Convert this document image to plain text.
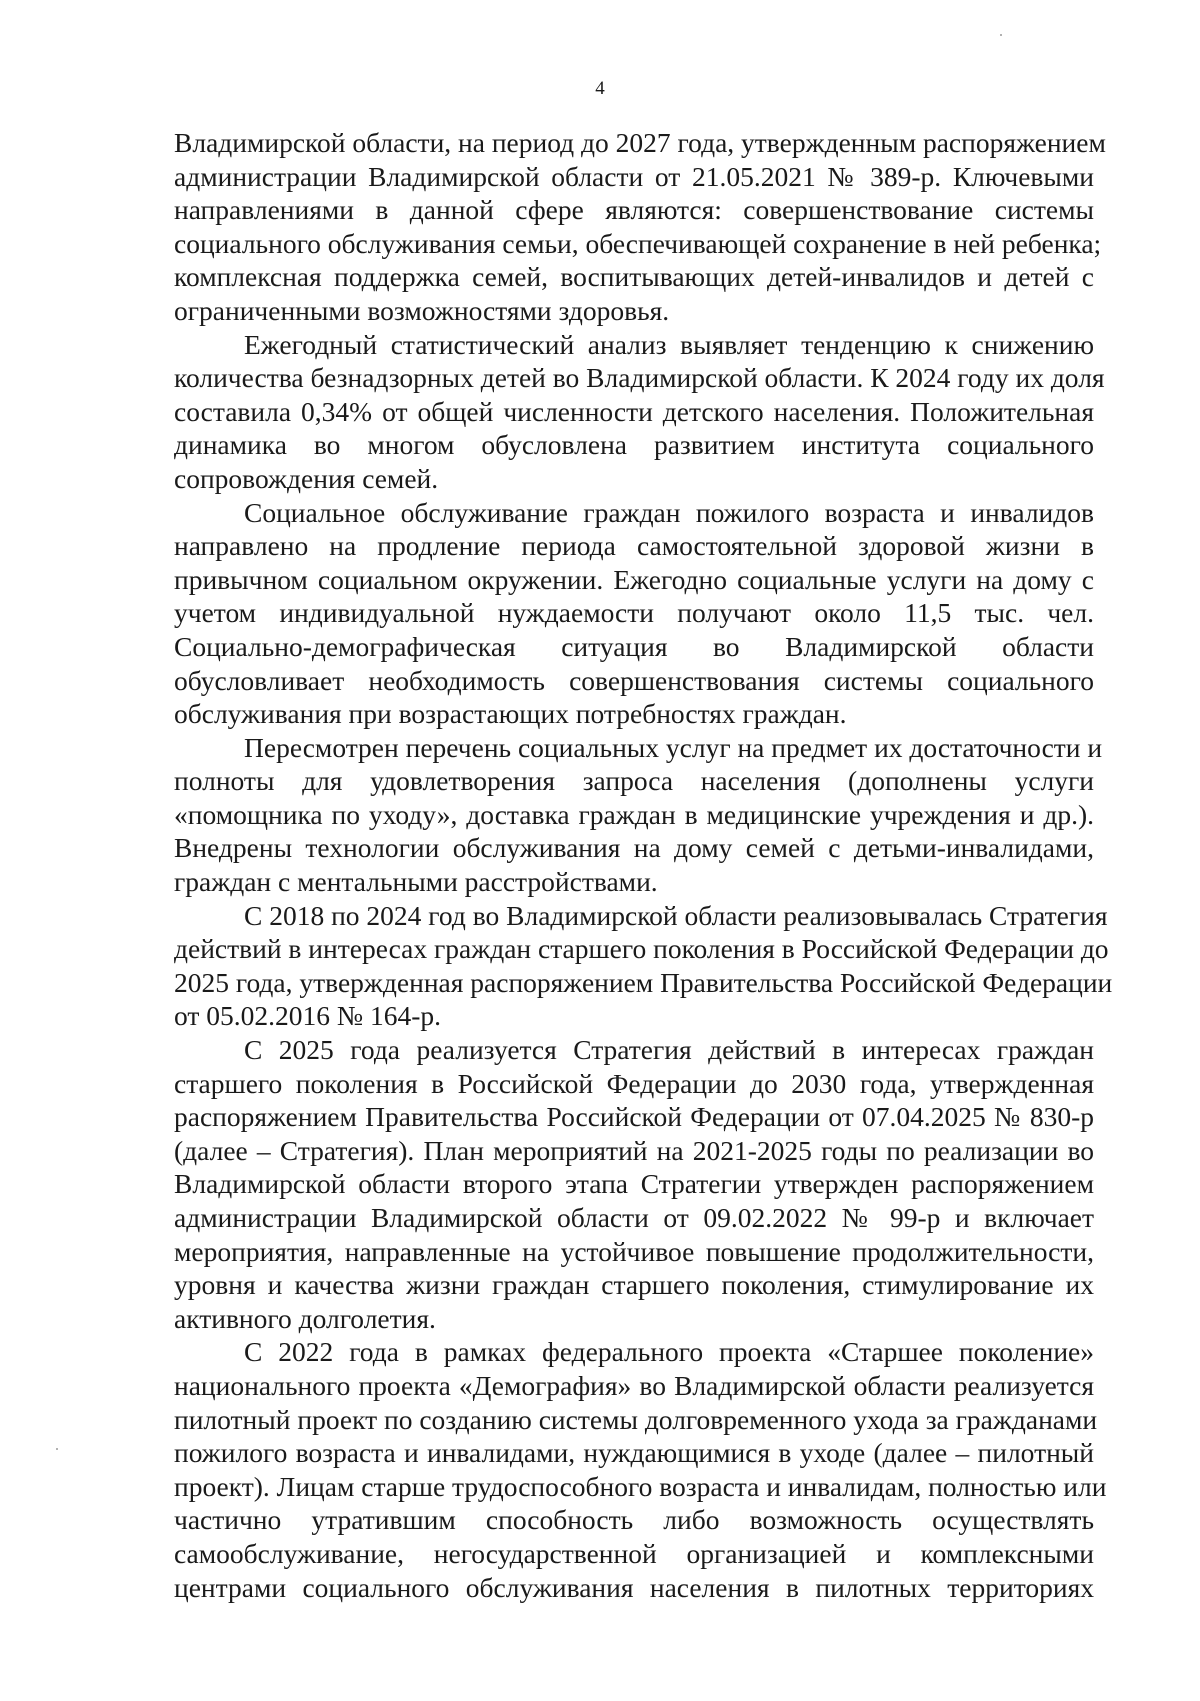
4
Владимирской области, на период до 2027 года, утвержденным распоряжением
администрации Владимирской области от 21.05.2021 № 389-р. Ключевыми
направлениями в данной сфере являются: совершенствование системы
социального обслуживания семьи, обеспечивающей сохранение в ней ребенка;
комплексная поддержка семей, воспитывающих детей-инвалидов и детей с
ограниченными возможностями здоровья.
Ежегодный статистический анализ выявляет тенденцию к снижению
количества безнадзорных детей во Владимирской области. К 2024 году их доля
составила 0,34% от общей численности детского населения. Положительная
динамика во многом обусловлена развитием института социального
сопровождения семей.
Социальное обслуживание граждан пожилого возраста и инвалидов
направлено на продление периода самостоятельной здоровой жизни в
привычном социальном окружении. Ежегодно социальные услуги на дому с
учетом индивидуальной нуждаемости получают около 11,5 тыс. чел.
Социально-демографическая ситуация во Владимирской области
обусловливает необходимость совершенствования системы социального
обслуживания при возрастающих потребностях граждан.
Пересмотрен перечень социальных услуг на предмет их достаточности и
полноты для удовлетворения запроса населения (дополнены услуги
«помощника по уходу», доставка граждан в медицинские учреждения и др.).
Внедрены технологии обслуживания на дому семей с детьми-инвалидами,
граждан с ментальными расстройствами.
С 2018 по 2024 год во Владимирской области реализовывалась Стратегия
действий в интересах граждан старшего поколения в Российской Федерации до
2025 года, утвержденная распоряжением Правительства Российской Федерации
от 05.02.2016 № 164-р.
С 2025 года реализуется Стратегия действий в интересах граждан
старшего поколения в Российской Федерации до 2030 года, утвержденная
распоряжением Правительства Российской Федерации от 07.04.2025 № 830-р
(далее – Стратегия). План мероприятий на 2021-2025 годы по реализации во
Владимирской области второго этапа Стратегии утвержден распоряжением
администрации Владимирской области от 09.02.2022 № 99-р и включает
мероприятия, направленные на устойчивое повышение продолжительности,
уровня и качества жизни граждан старшего поколения, стимулирование их
активного долголетия.
С 2022 года в рамках федерального проекта «Старшее поколение»
национального проекта «Демография» во Владимирской области реализуется
пилотный проект по созданию системы долговременного ухода за гражданами
пожилого возраста и инвалидами, нуждающимися в уходе (далее – пилотный
проект). Лицам старше трудоспособного возраста и инвалидам, полностью или
частично утратившим способность либо возможность осуществлять
самообслуживание, негосударственной организацией и комплексными
центрами социального обслуживания населения в пилотных территориях
